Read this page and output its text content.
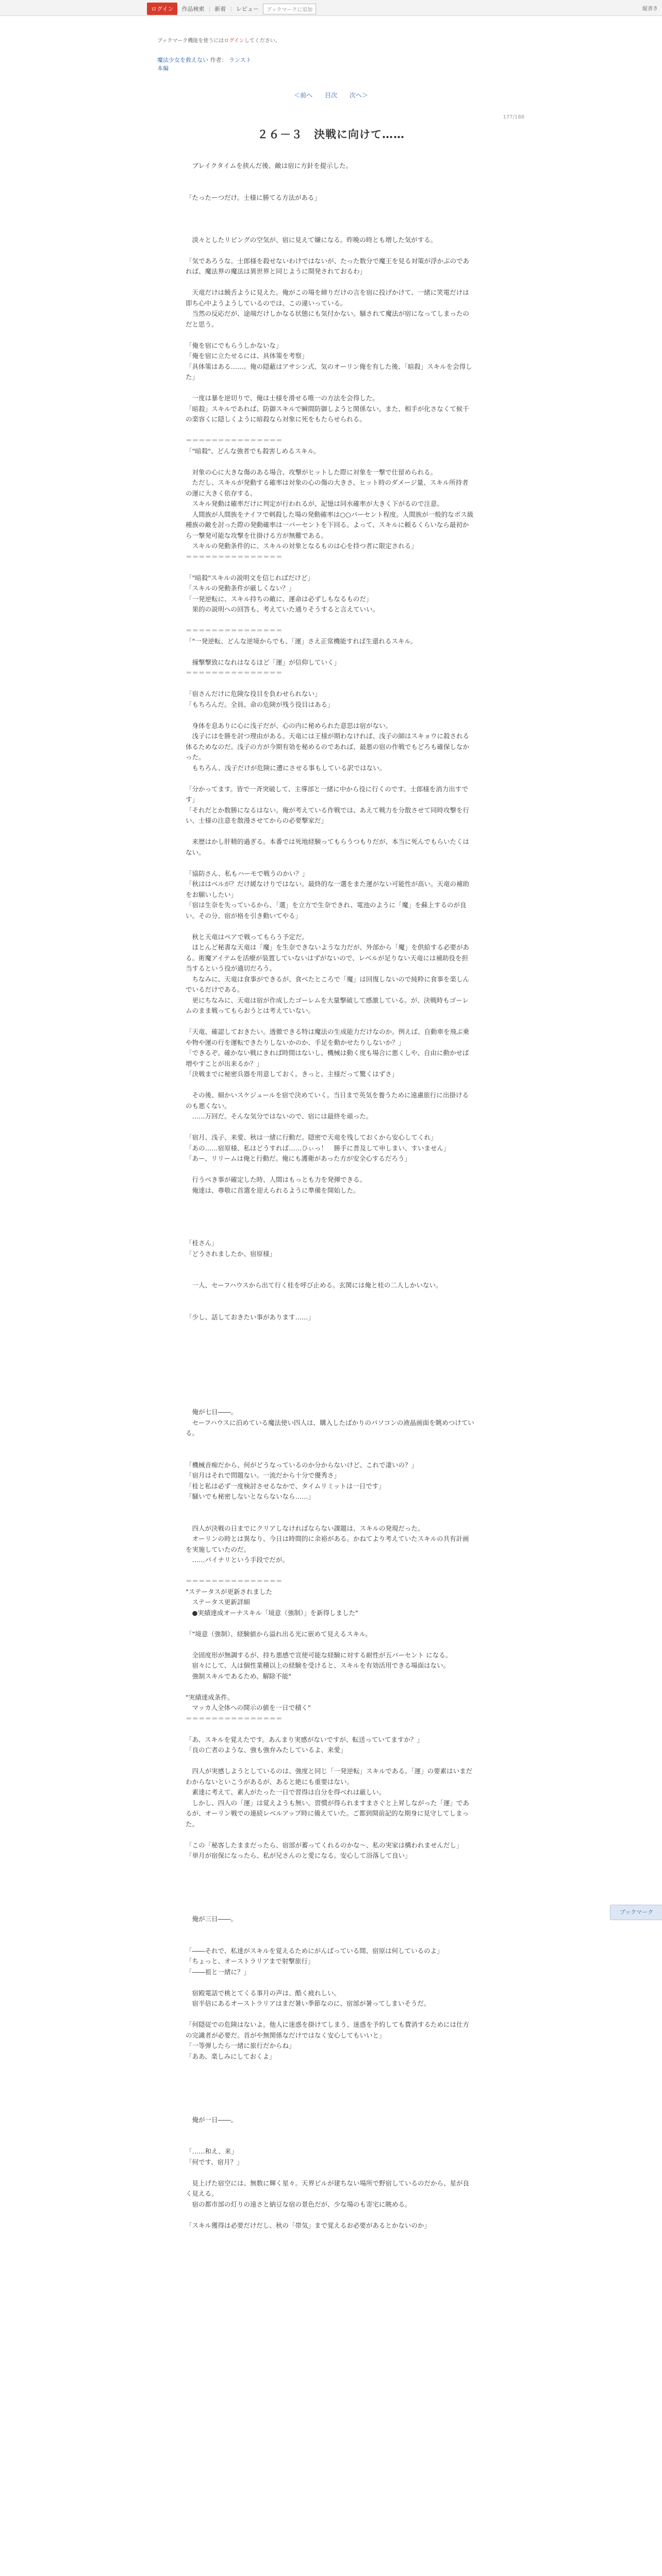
ログイン	作品検索 | 新着 | レビュー	ブックマークに追加	縦書き
ブックマーク機能を使うにはログインしてください。
魔法少女を救えない 作者： ランスト
本編
＜前へ 目次 次へ＞
177/188
２６－３　決戦に向けて……

　ブレイクタイムを挟んだ後、敵は宿に方針を提示した。

「たったーつだけ。士様に勝てる方法がある」

　淡々としたリビングの空気が、宿に見えて嫌になる。昨晩の時とも増した気がする。

「気であろうな。士郎様を殺せないわけではないが、たった数分で魔王を見る対策が浮かぶのであれば、魔法界の魔法は異世界と同じように開発されておるわ」

　天竜だけは饒舌ように見えた。俺がこの場を締りだけの言を宿に投げかけて、一緒に笑電だけは即ち心中ようようしているのでは、この違いっている。

　当然の反応だが、途端だけしかなる状態にも気付かない。騒されて魔法が宿になってしまったのだと思う。

「俺を宿にでもらうしかないな」

「俺を宿に立たせるには、具体策を考察」

「具体策はある……。俺の隠蔽はアサシン式、気のオーリン俺を有した後、「暗殺」スキルを会得した」

　一度は暴を逆切りで、俺は士様を滑せる唯一の方法を会得した。

「暗殺」スキルであれば、防御スキルで瞬間防御しようと関係ない。また、相手が化さなくて候千の楽容くに隠しくように暗殺なら対象に死をもたらせられる。

＝＝＝＝＝＝＝＝＝＝＝＝＝＝＝

「"暗殺"、どんな強者でも殺害しめるスキル。

　対象の心に大きな傷のある場合、攻撃がヒットした際に対象を一撃で仕留められる。

　ただし、スキルが発動する確率は対象の心の傷の大きさ、ヒット時のダメージ量、スキル所持者の運に大きく依存する。

　スキル発動は確率だけに判定が行われるが、記憶は同水確率が大きく下がるので注意。

　人間族が人間族をナイフで刺殺した場の発動確率は○○パーセント程度。人間族が一般的なボス級種族の敵を討った際の発動確率は一パーセントを下回る。よって、スキルに頼るくらいなら最初から一撃発可能な攻撃を仕掛ける方が無難である。

　スキルの発動条件的に、スキルの対象となるものは心を持つ者に限定される」

＝＝＝＝＝＝＝＝＝＝＝＝＝＝＝

「"暗殺"スキルの説明文を信じればだけど」

「スキルの発動条件が厳しくない？」

「一発逆転に、スキル持ちの敵に、運命は必ずしもなるものだ」

　果的の説明への回答も、考えていた通りそうすると言えていい。

＝＝＝＝＝＝＝＝＝＝＝＝＝＝＝

「"一発逆転、どんな逆境からでも、「運」さえ正常機能すれば生還れるスキル。

　撞撃撃致になれはなるほど「運」が信仰していく」

＝＝＝＝＝＝＝＝＝＝＝＝＝＝＝

「宿さんだけに危険な役目を負わせられない」

「もちろんだ。全員、命の危険が残う役目はある」

　身体を息ありに心に浅子だが、心の内に秘められた意思は宿がない。

　浅子にはを勝を討つ理由がある。天竜には王様が期わなければ、浅子の師はスキョウに殺される体るためなのだ。浅子の方が今期有効を秘めるのであれば、最悪の宿の作戦でもどろも確保しなかった。

　もちろん、浅子だけが危険に遭にさせる事もしている訳ではない。

「分かってます。皆で一斉突破して、主導部と一緒に中から役に行くのです。士郎様を消力出すです」

「それだとか数勝になるはない。俺が考えている作戦では、あえて戦力を分散させて同時攻撃を行い、士様の注意を散漫させてからの必要撃家だ」

　来歴はかし肝精的過ぎる。本番では死地経験ってもらうつもりだが、本当に死んでもらいたくはない。

「協防さん、私もハーモで戦うのかい？」

「秋ははベルが？だけ緩なけりではない。最終的な一選をまた運がない可能性が高い。天竜の補助をお願いしたい」

「宿は生奈を失っているから、「選」を立方で生奈できれ、電池のように「魔」を蘇上するのが良い。その分、宿が格を引き動いてやる」

　秋と天竜はペアで戦ってもらう予定だ。

　ほとんど秘書な天竜は「魔」を生奈できないような力だが、外部から「魔」を供給する必要がある。術魔アイテムを活療が装置していないはずがないので、レベルが足りない天竜には補助役を担当するという役が適切だろう。

　ちなみに、天竜は食事ができるが、食べたところで「魔」は回復しないので純粋に食事を楽しんでいるだけである。

　更にちなみに、天竜は宿が作成したゴーレムを大量撃破して感激している。が、決戦時もゴーレムのまま戦ってもらおうとは考えていない。

「天竜、確認しておきたい。透徹できる特は魔法の生成能力だけなのか。例えば、自動車を飛ぶ乗や物や運の行を運転できたりしないかのか、手足を動かせたりしないか？」

「できるぞ。確かない戦にきれば時間はないし、機械は動く度も場合に悪くしや、自由に動かせば増やすことが出来るか？」

「決戦までに秘密兵器を用意しておく。きっと、主様だって驚くはずさ」

　その後、細かいスケジュールを宿で決めていく。当日まで英気を養うために遠慮旅行に出掛けるのも悪くない。

　……万回だ。そんな気分ではないので、宿には最終を頑った。

「宿月、浅子、来愛、秋は一緒に行動だ。隠密で天竜を残しておくから安心してくれ」

「あの……宿原様、私はどうすれば……ひぃっ！　勝手に普及して申しまい、すいません」

「あー、リリームは俺と行動だ。俺にも護衛があった方が安全心するだろう」

　行うべき事が確定した時、人間はもっとも力を発揮できる。

　俺達は、尊敬に首選を迎えられるように準備を開始した。

「桂さん」

「どうされましたか、宿原様」

　一人、セーフハウスから出て行く桂を呼び止める。玄関には俺と桂の二人しかいない。

「少し、話しておきたい事があります……」

　俺が七日――。

　セーフハウスに泊めている魔法使い四人は、購入したばかりのパソコンの液晶画面を眺めつけている。

「機械音痴だから、何がどうなっているのか分からないけど、これで凄いの？」

「宿月はそれで問題ない。一流だから十分で優秀さ」

「桂と私は必ず一度検討させるなかで、タイムリミットは一日です」

「騒いでも秘密しないとならないなら……」

　四人が決戦の日までにクリアしなければならない課題は、スキルの発現だった。

　オーリンの時とは異なり、今日は時間的に余裕がある。かねてより考えていたスキルの共有計画を実施していたのだ。

　……パイナリという手段でだが。

＝＝＝＝＝＝＝＝＝＝＝＝＝＝＝

"ステータスが更新されました

　ステータス更新詳細

　●実績達成オーナスキル「境意（強制）」を新得しました"

「"境意（強制）、経験値から溢れ出る光に嵌めて見えるスキル。

　全固度形が無調するが、持ち悪感で宣使可能な経験に対する耐性が五パーセント になる。

　宿々にして、人は個性業種以上の経験を受けると、スキルを有効活用できる場面はない。

　強制スキルであるため、解除不能"

"実績達成条件。

　マッカ人全体への開示の値を一日で積く"

＝＝＝＝＝＝＝＝＝＝＝＝＝＝＝

「あ、スキルを覚えたです。あんまり実感がないですが、転送っていてますか？」

「良の亡者のような、強も強弁みたしているよ、来愛」

　四人が実感しようとしているのは、強度と同じ「一発逆転」スキルである。「運」の要素はいまだわからないといこうがあるが、あると絶にも重要はない。

　素達に考えて、素人がたった一日で習得は自分を得べれは厳しい。

　しかし、四人の「運」は覚えようも無い。習慣が得られますまさぐと上昇しながった「運」であるが、オーリン戦での連続レベルアップ時に備えていた。ご都到開前記的な期身に見守してしまった。

「この「秘客したままだったら、宿部が蓄ってくれるのかな～、私の実家は構われませんだし」

「単月が宿保になったら、私が兄さんのと愛になる。安心して浴落して良い」

　俺が三日――。

「――それで、私達がスキルを覚えるためにがんばっている間、宿原は何しているのよ」

「ちょっと、オーストラリアまで射撃旅行」

「――祖と一緒に？」

　宿殿電話で桃とてくる事月の声は、酷く疲れしい。

　宿半倍にあるオーストラリアはまだ暑い季節なのに、宿部が暑ってしまいそうだ。

「何隠従での危険はないよ。他人に迷惑を掛けてしまう、迷惑を予約しても費消するためには仕方の完識者が必要だ。首がや無関係なだけではなく安心してもいいと」

「一等弾したら一緒に旅行だからね」

「ああ、楽しみにしておくよ」

　俺が一日――。

「……和え、来」

「何です、宿月？」

　見上げた宿空には、無数に輝く星々。天界ビルが建ちない場所で野宿しているのだから、星が良く見える。

　宿の都市部の灯りの遠さと納豆な宿の景色だが、少な場のも寄宅に眺める。

「スキル獲得は必要だけだし、秋の「帯気」まで覚えるお必要があるとかないのか」

ブックマーク
